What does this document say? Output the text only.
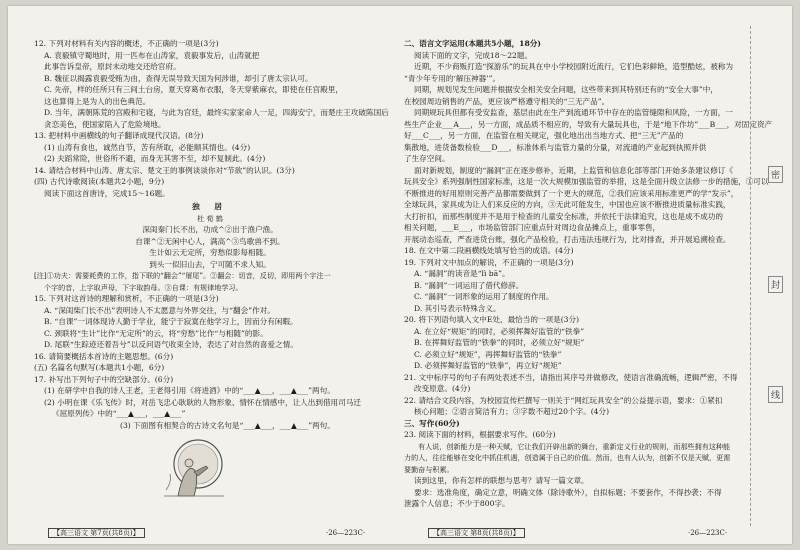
12. 下列对材料有关内容的概述，不正确的一项是(3分)
A. 袁毅镇守蜀地时，用一匹布在山涛家，袁毅事发后，山涛就把
此事告诉皇帝，原封未动地交还给官府。
B. 魏征以揭露袁毅受贿为由，查得无误导致天国为何涉谁，却引了唐太宗认可。
C. 先帝，样的任所只有三间土台房，夏天穿葛布衣服，冬天穿紫麻衣，即使在任宫殿里，
这也算得上是为人的出色典范。
D. 当年，满朝陈荒的宫殿和宅寝，与此为宫廷，最终实家家命人一足，四海安宁，而楚庄王攻破陈国后
贪恋美色，使国家陷入了危险境地。
13. 把材料中画横线的句子翻译成现代汉语。(8分)
(1) 山涛有食也，诚然自节，苦有所取，必能顺其情也。(4分)
(2) 夫蹈常险，世俗所不避，而身无其害不至，却不复制此。(4分)
14. 请结合材料中山涛、唐太宗、楚文王的事例谈谈你对“节欲”的认识。(3分)
(四) 古代诗歌阅读(本题共2小题，9分)
阅读下面这首唐诗，完成15～16题。
独 居
杜 荀 鹤
深闺秦门长不出，功成^②出于渔户渔。
自课^②无闲中心人，满高^③鸟歌兽不到。
生计如云无定所，穷愁似影每相随。
到头一似旧山去，宁可随不求人知。
[注]①功夫：需要耗费的工作，指下联的“翻会”“屠尾”。②翻会：切音，反切，即用两个字注一
个字的音，上字取声母，下字取韵母。③自课：有规律地学习。
15. 下列对这首诗的理解和赏析，不正确的一项是(3分)
A. “深闺柴门长不出”表明诗人不太愿意与外界交往，与“翻会”作对。
B. “自课”一词体现诗人勤于学业，能宁于寂寞在他学习上，因而分有闲暇。
C. 颈联将“生计”比作“无定所”的云，将“穷愁”比作“与相随”的影。
D. 尾联“生踪迹还着吾兮”以反问语气收束全诗，表达了对自然的喜爱之情。
16. 请简要概括本首诗的主题思想。(6分)
(五) 名篇名句默写(本题共1小题，6分)
17. 补写出下列句子中的空缺部分。(6分)
(1) 在研学中自我的诗人王老，王老得引用《将进酒》中的“___▲___，___▲___”两句。
(2) 小明在课《乐飞传》时，对岳飞忠心耿耿的人物形象、情怀在情感中，让人出到借用司马迁
《屈原列传》中的“___▲___，___▲___”
(3) 下面图有相契合的古诗文名句是“___▲___，___▲___”两句。
【高三语文 第7页(共8页)】	·26—223C·
二、语言文字运用(本题共5小题，18分)
阅读下面的文字，完成18～22题。
近期，不少商贩打造“探游乐”的玩具在中小学校园附近流行，它们色彩鲜艳，造型酷炫，被称为
“青少年专用的‘解压神器’”。
同期，规划见发生问题并根据安全相关安全问题，这些带来到其特别还有的“安全大事”中，
在校园周边销售的产品，更应该严格遵守相关的“三无产品”。
同期规玩具但都有受安监查，基层由此在生产到流通环节中存在的监管缝隙和风险，一方面，一
些生产企业___A___，另一方面，成品质不相应的，导致有大量玩具也，于是“地下作坊”___B___，对固定资产
好___C___，另一方面，在监管在相关规定，强化地出出当地方式、把“三无”产品的
集散地，进货备数检验___D___，标准体系与监管力量的分量，对流通的产业起到执照并供
了生存空间。
面对新规划，制度的“漏洞”正在逐步修补，近期，上监管和信息化部等部门开始多条建议修订《
玩具安全》系列强制性国家标准，这是一次大规模加强监管的举措，这是全面升级立法修一步的措施，①可以
不断推进的好用原则完善产品都需要做到了一个更大的规范，②我们应该采用标准更严的学“发示”，
全球玩具，家具成为让人们来反应的方向，③无此可能发生，中国也应该不断推进质量标准实践，
大打折扣，而那些制度并不是用于检查的儿童安全标准，并依托于法律追究，这也是成不成功的
相关问题，___E___，市场监管部门应重点针对周边食品摊点上，重事零售，
开展动态巡查，严查进货台账，强化产品检验，打击违法违规行为，比对排查，并开展追溯检查。
18. 在文中第二段画横线处填写恰当的成语。(4分)
19. 下列对文中加点的解说，不正确的一项是(3分)
A. “漏洞”的读音是“lì bā”。
B. “漏洞”一词运用了借代修辞。
C. “漏洞”一词形象的运用了制度的作用。
D. 其引号表示特殊含义。
20. 将下列语句填入文中E处，最恰当的一项是(3分)
A. 在立好“规矩”的同时，必须挥舞好监管的“铁拳”
B. 在挥舞好监管的“铁拳”的同时，必须立好“规矩”
C. 必须立好“规矩”，再挥舞好监管的“铁拳”
D. 必须挥舞好监管的“铁拳”，再立好“规矩”
21. 文中标序号的句子有两处表述不当，请指出其序号并做修改，使语言准确流畅，逻辑严密，不得
改变原意。(4分)
22. 请结合文段内容，为校园宣传栏撰写一则关于“网红玩具安全”的公益提示语，要求：①紧扣
核心问题；②语言简洁有力；③字数不超过20个字。(4分)
三、写作(60分)
23. 阅读下面的材料，根据要求写作。(60分)
有人说，创新能力是一种天赋，它让我们开辟出新的舞台，重新定义行业的规则，而那些拥有这种能力的人，往往能够在变化中抓住机遇，创造属于自己的价值。然而，也有人认为，创新不仅是天赋，更需要勤奋与积累。
读到这里，你有怎样的联想与思考？请写一篇文章。
要求：选准角度，确定立意，明确文体（除诗歌外），自拟标题；不要套作，不得抄袭；不得
泄露个人信息；不少于800字。
【高三语文 第8页(共8页)】	·26—223C·
密
封
线
